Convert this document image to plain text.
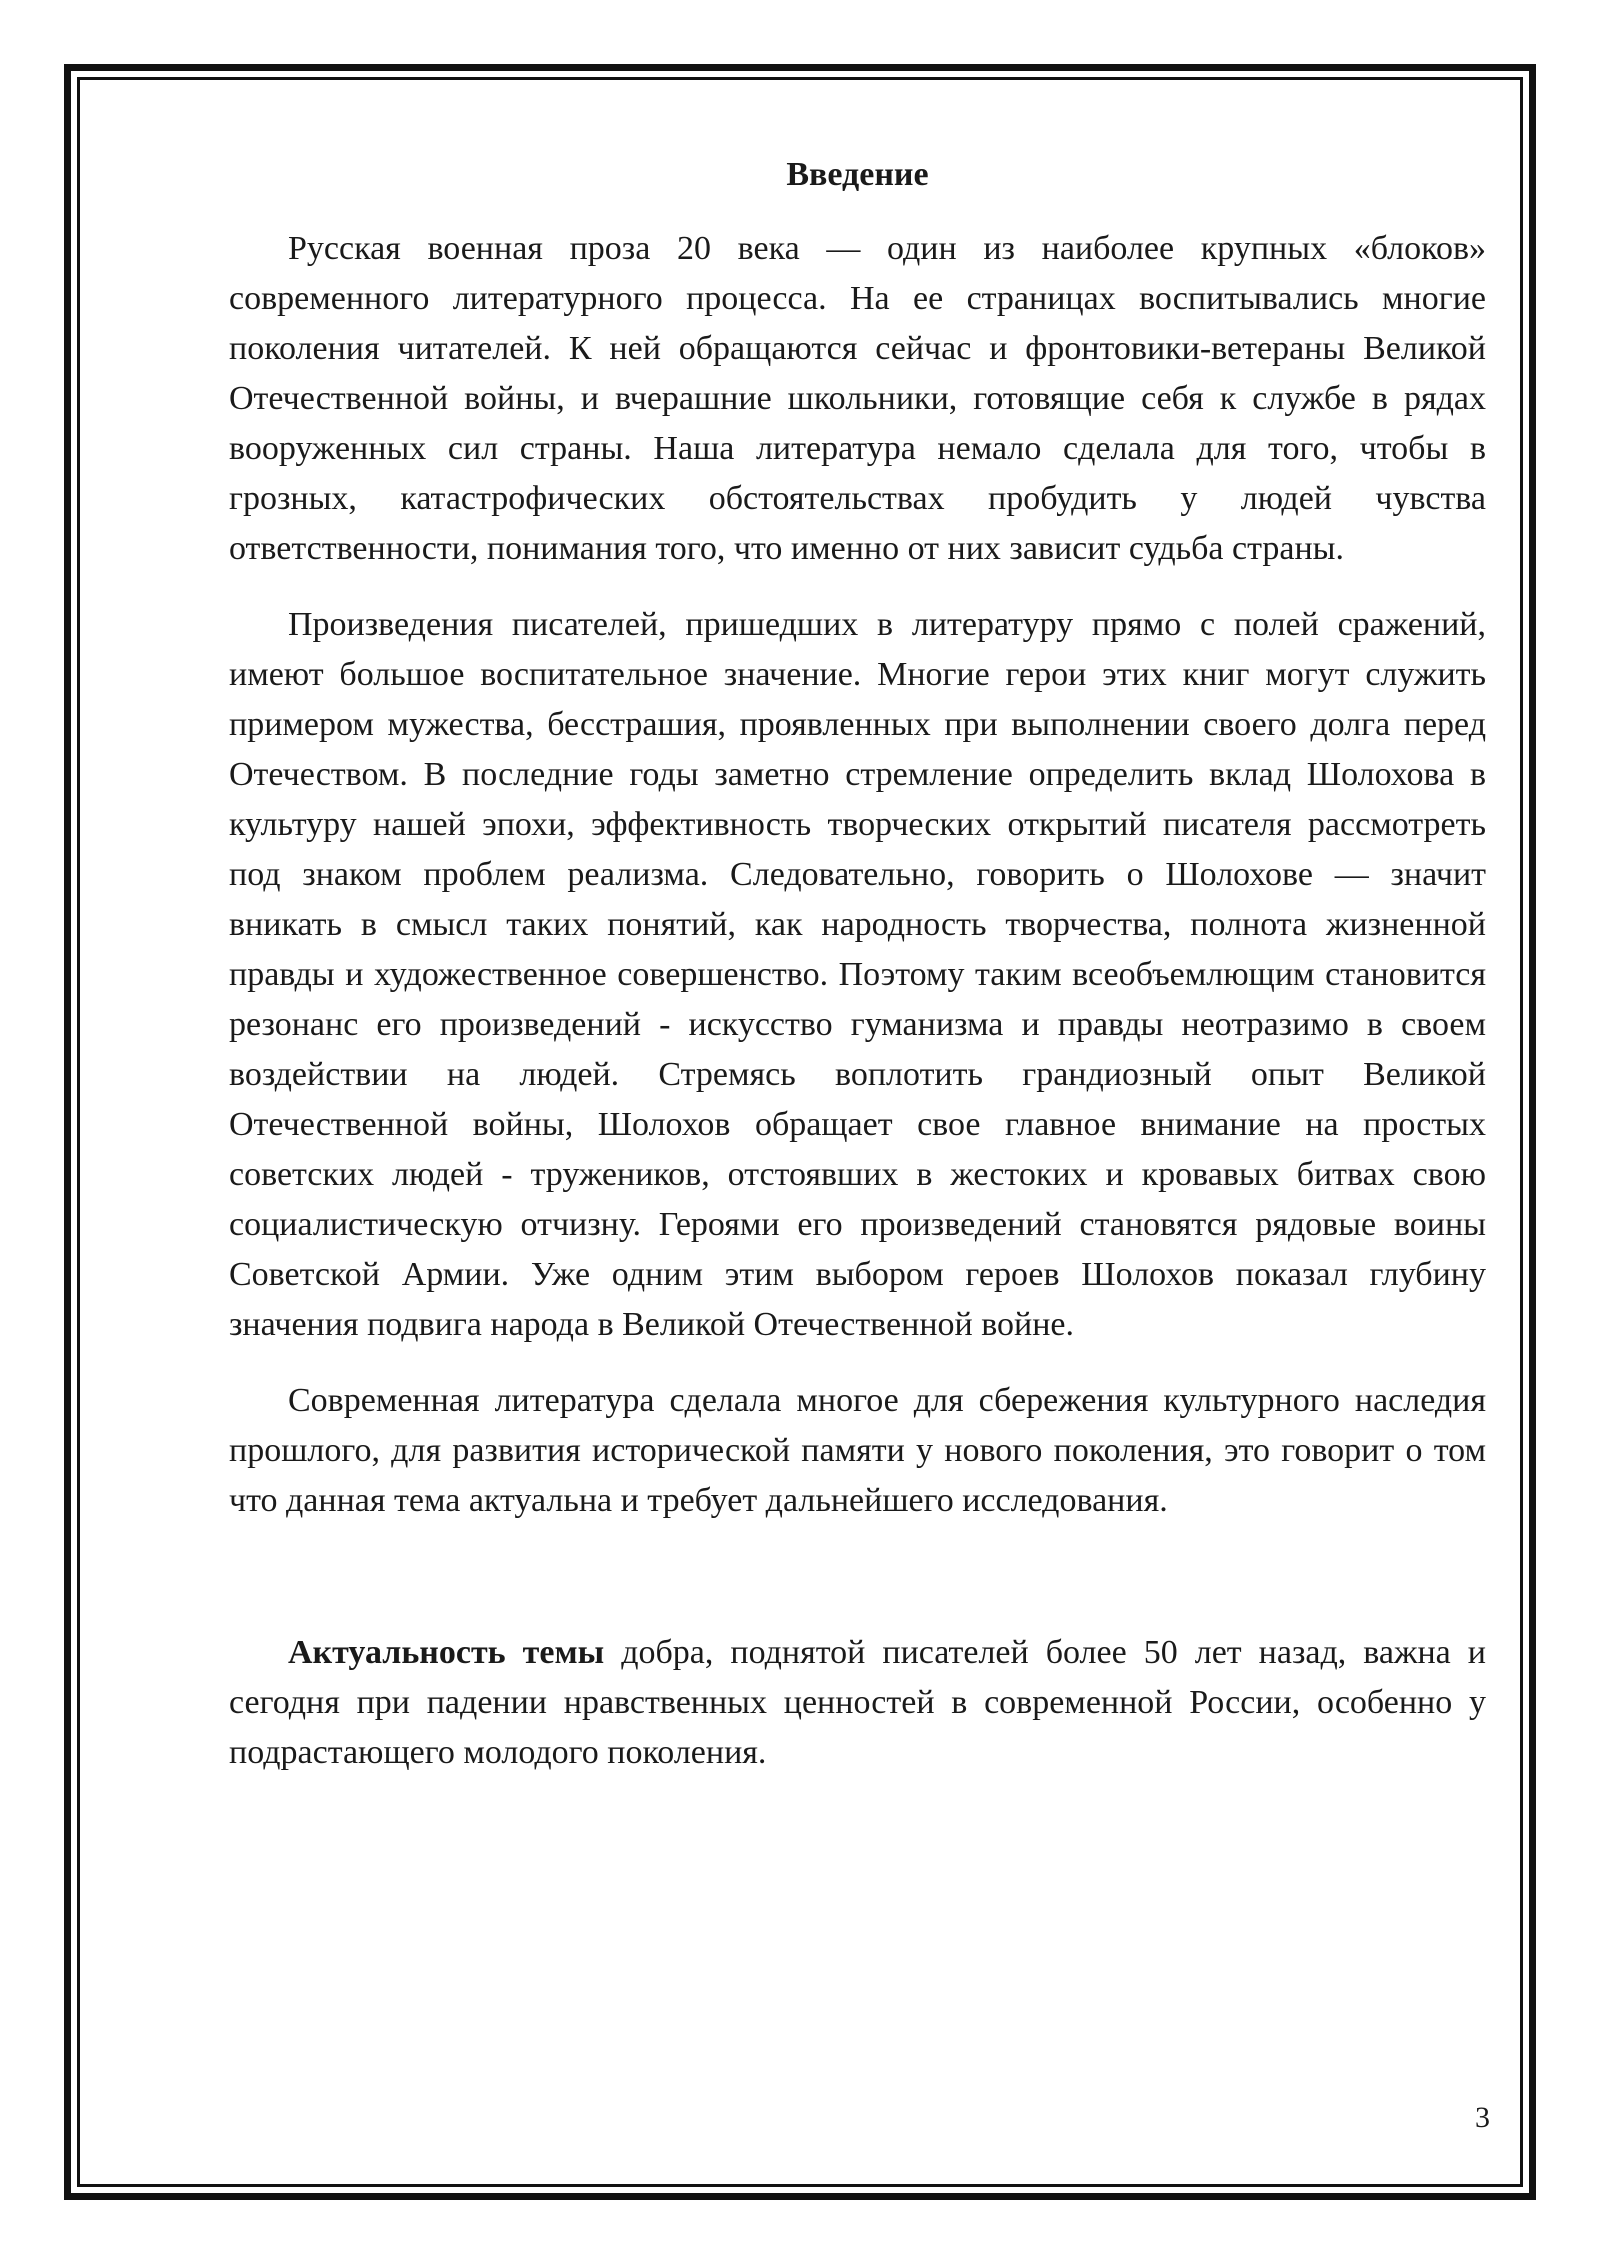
Введение

Русская военная проза 20 века — один из наиболее крупных «блоков» современного литературного процесса. На ее страницах воспитывались многие поколения читателей. К ней обращаются сейчас и фронтовики-ветераны Великой Отечественной войны, и вчерашние школьники, готовящие себя к службе в рядах вооруженных сил страны. Наша литература немало сделала для того, чтобы в грозных, катастрофических обстоятельствах пробудить у людей чувства ответственности, понимания того, что именно от них зависит судьба страны.

Произведения писателей, пришедших в литературу прямо с полей сражений, имеют большое воспитательное значение. Многие герои этих книг могут служить примером мужества, бесстрашия, проявленных при выполнении своего долга перед Отечеством. В последние годы заметно стремление определить вклад Шолохова в культуру нашей эпохи, эффективность творческих открытий писателя рассмотреть под знаком проблем реализма. Следовательно, говорить о Шолохове — значит вникать в смысл таких понятий, как народность творчества, полнота жизненной правды и художественное совершенство. Поэтому таким всеобъемлющим становится резонанс его произведений - искусство гуманизма и правды неотразимо в своем воздействии на людей. Стремясь воплотить грандиозный опыт Великой Отечественной войны, Шолохов обращает свое главное внимание на простых советских людей - тружеников, отстоявших в жестоких и кровавых битвах свою социалистическую отчизну. Героями его произведений становятся рядовые воины Советской Армии. Уже одним этим выбором героев Шолохов показал глубину значения подвига народа в Великой Отечественной войне.

Современная литература сделала многое для сбережения культурного наследия прошлого, для развития исторической памяти у нового поколения, это говорит о том что данная тема актуальна и требует дальнейшего исследования.

Актуальность темы добра, поднятой писателей более 50 лет назад, важна и сегодня при падении нравственных ценностей в современной России, особенно у подрастающего молодого поколения.

3
